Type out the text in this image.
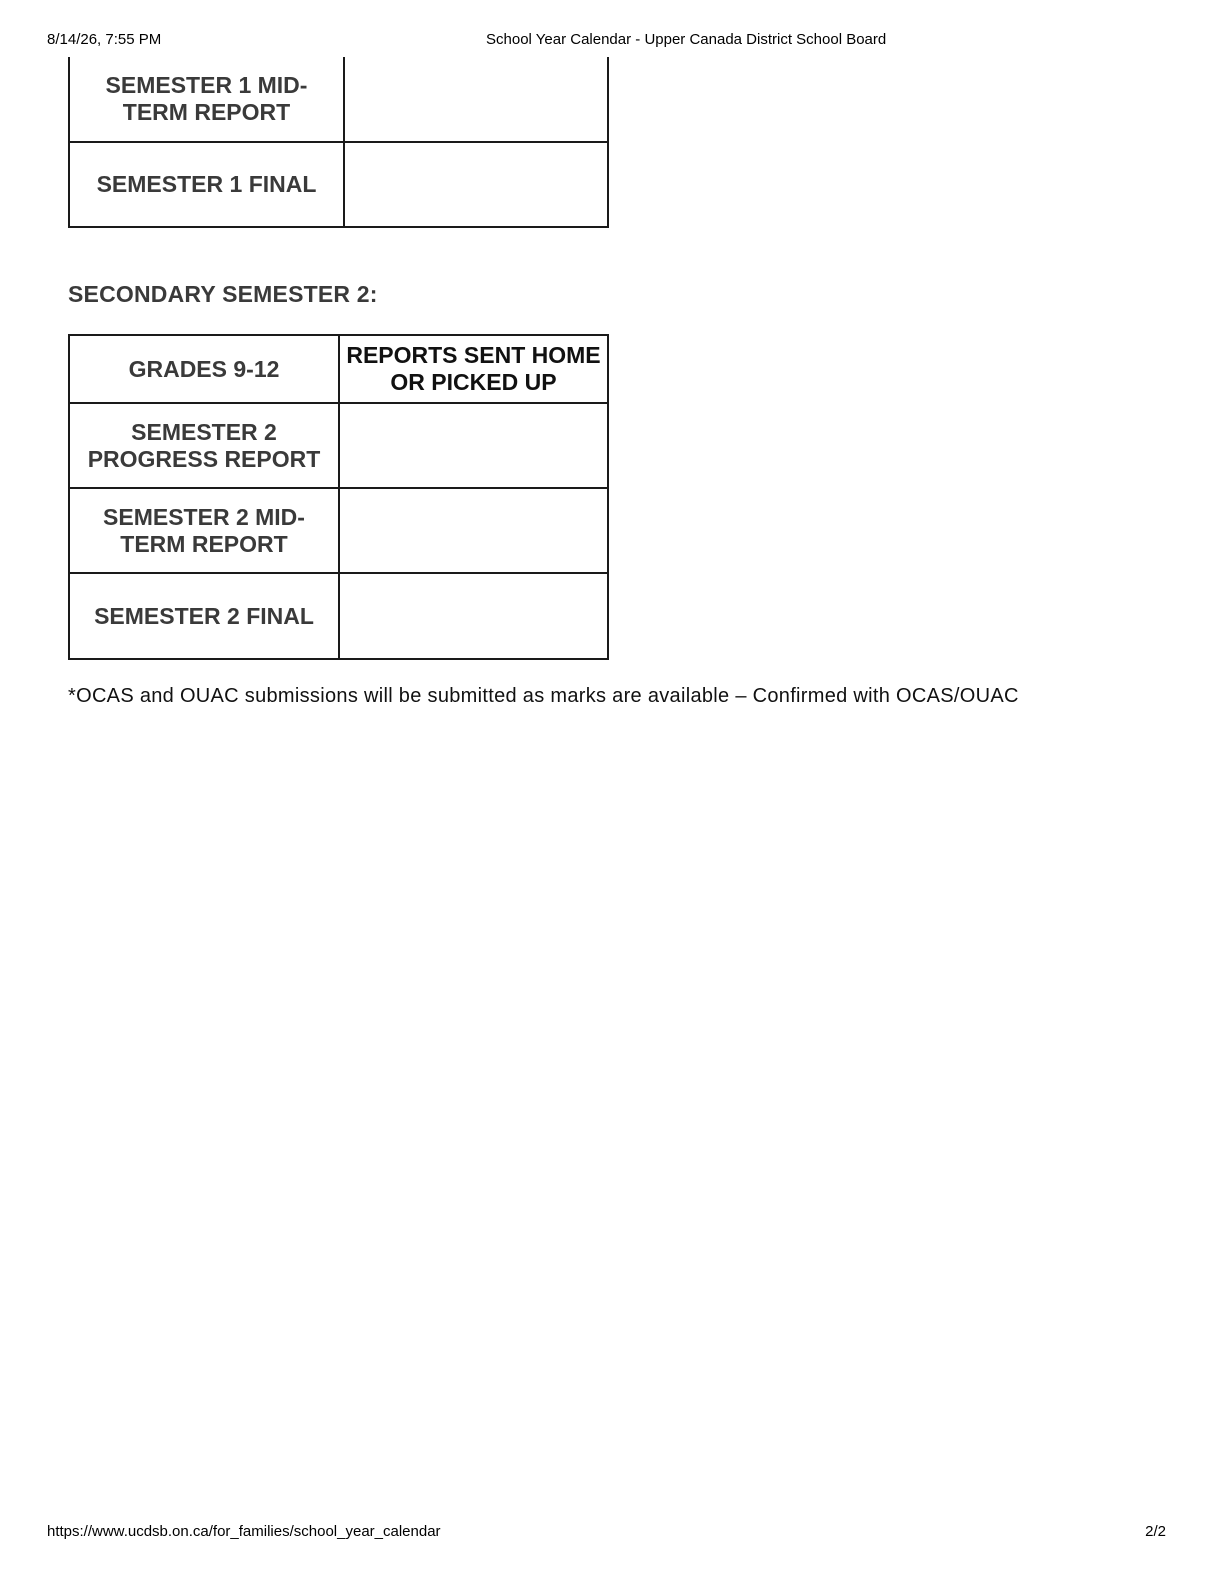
8/14/26, 7:55 PM	School Year Calendar - Upper Canada District School Board
SEMESTER 1 MID-TERM REPORT	
SEMESTER 1 FINAL	
SECONDARY SEMESTER 2:
GRADES 9-12	REPORTS SENT HOME OR PICKED UP
SEMESTER 2 PROGRESS REPORT	
SEMESTER 2 MID-TERM REPORT	
SEMESTER 2 FINAL	
*OCAS and OUAC submissions will be submitted as marks are available – Confirmed with OCAS/OUAC
https://www.ucdsb.on.ca/for_families/school_year_calendar	2/2
